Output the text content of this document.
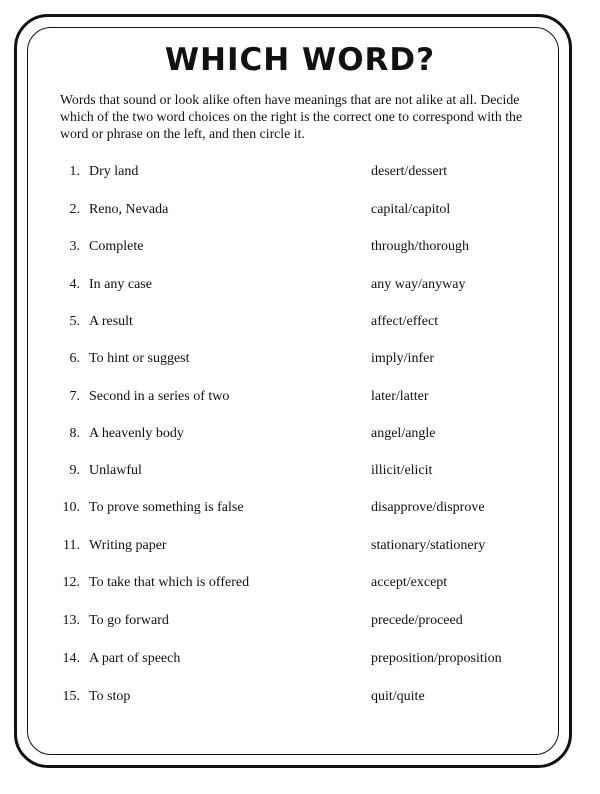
WHICH WORD?
Words that sound or look alike often have meanings that are not alike at all. Decide which of the two word choices on the right is the correct one to correspond with the word or phrase on the left, and then circle it.
1. Dry land	desert/dessert
2. Reno, Nevada	capital/capitol
3. Complete	through/thorough
4. In any case	any way/anyway
5. A result	affect/effect
6. To hint or suggest	imply/infer
7. Second in a series of two	later/latter
8. A heavenly body	angel/angle
9. Unlawful	illicit/elicit
10. To prove something is false	disapprove/disprove
11. Writing paper	stationary/stationery
12. To take that which is offered	accept/except
13. To go forward	precede/proceed
14. A part of speech	preposition/proposition
15. To stop	quit/quite
